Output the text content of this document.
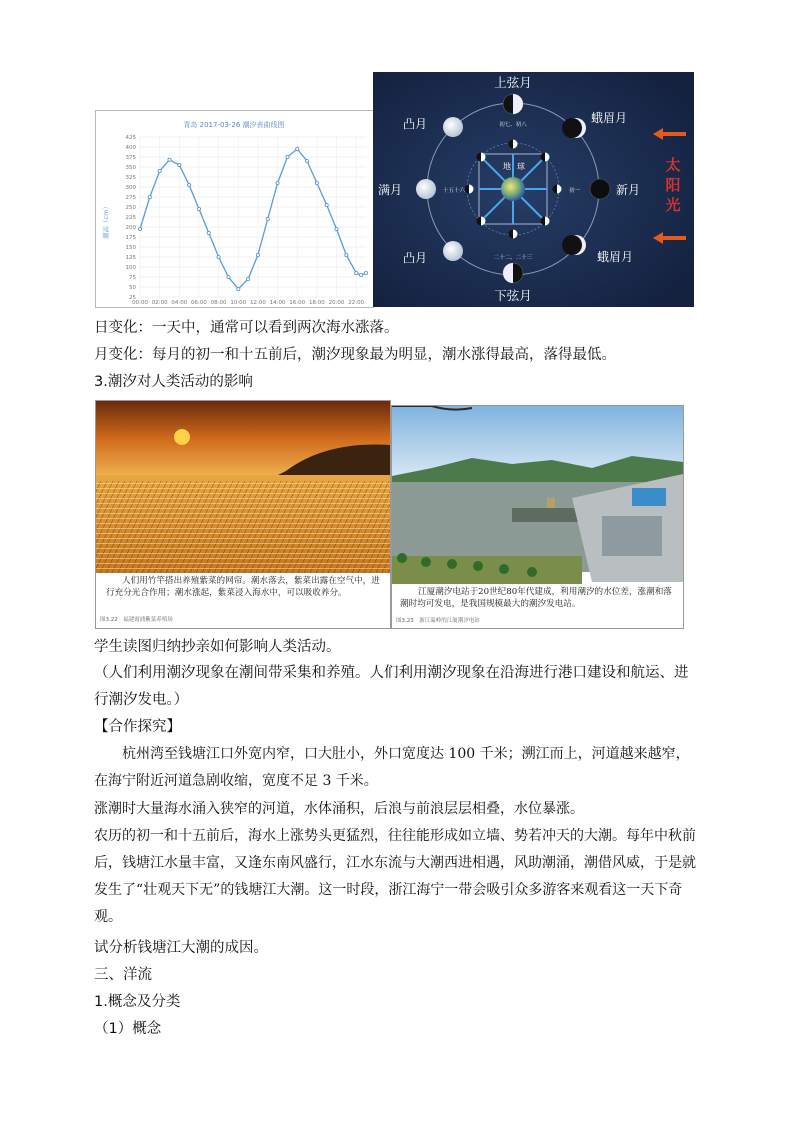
青岛 2017-03-26 潮汐表曲线图
潮高（cm）
25
50
75
100
125
150
175
200
225
250
275
300
325
350
375
400
425
00:00 02:00 04:00 06:00 08:00 10:00 12:00 14:00 16:00 18:00 20:00 22:00
地 球
上弦月
下弦月
凸月
凸月
满月	新月
蛾眉月
蛾眉月
初七、初八
二十二、二十三
十五十六	初一
太
阳
光
日变化：一天中，通常可以看到两次海水涨落。
月变化：每月的初一和十五前后，潮汐现象最为明显，潮水涨得最高，落得最低。
3.潮汐对人类活动的影响
人们用竹竿搭出养殖紫菜的网帘。潮水落去，紫菜出露在空气中，进行充分光合作用；潮水涨起，紫菜浸入海水中，可以吸收养分。
图3.22　福建霞浦紫菜养殖场
江厦潮汐电站于20世纪80年代建成，利用潮汐的水位差，涨潮和落潮时均可发电，是我国规模最大的潮汐发电站。
图3.23　浙江温岭的江厦潮汐电站
学生读图归纳抄亲如何影响人类活动。
（人们利用潮汐现象在潮间带采集和养殖。人们利用潮汐现象在沿海进行港口建设和航运、进行潮汐发电。）
【合作探究】
杭州湾至钱塘江口外宽内窄，口大肚小，外口宽度达 100 千米；溯江而上，河道越来越窄，在海宁附近河道急剧收缩，宽度不足 3 千米。
涨潮时大量海水涌入狭窄的河道，水体涌积，后浪与前浪层层相叠，水位暴涨。
农历的初一和十五前后，海水上涨势头更猛烈，往往能形成如立墙、势若冲天的大潮。每年中秋前后，钱塘江水量丰富，又逢东南风盛行，江水东流与大潮西进相遇，风助潮涌，潮借风威，于是就发生了“壮观天下无”的钱塘江大潮。这一时段，浙江海宁一带会吸引众多游客来观看这一天下奇观。
试分析钱塘江大潮的成因。
三、洋流
1.概念及分类
（1）概念
